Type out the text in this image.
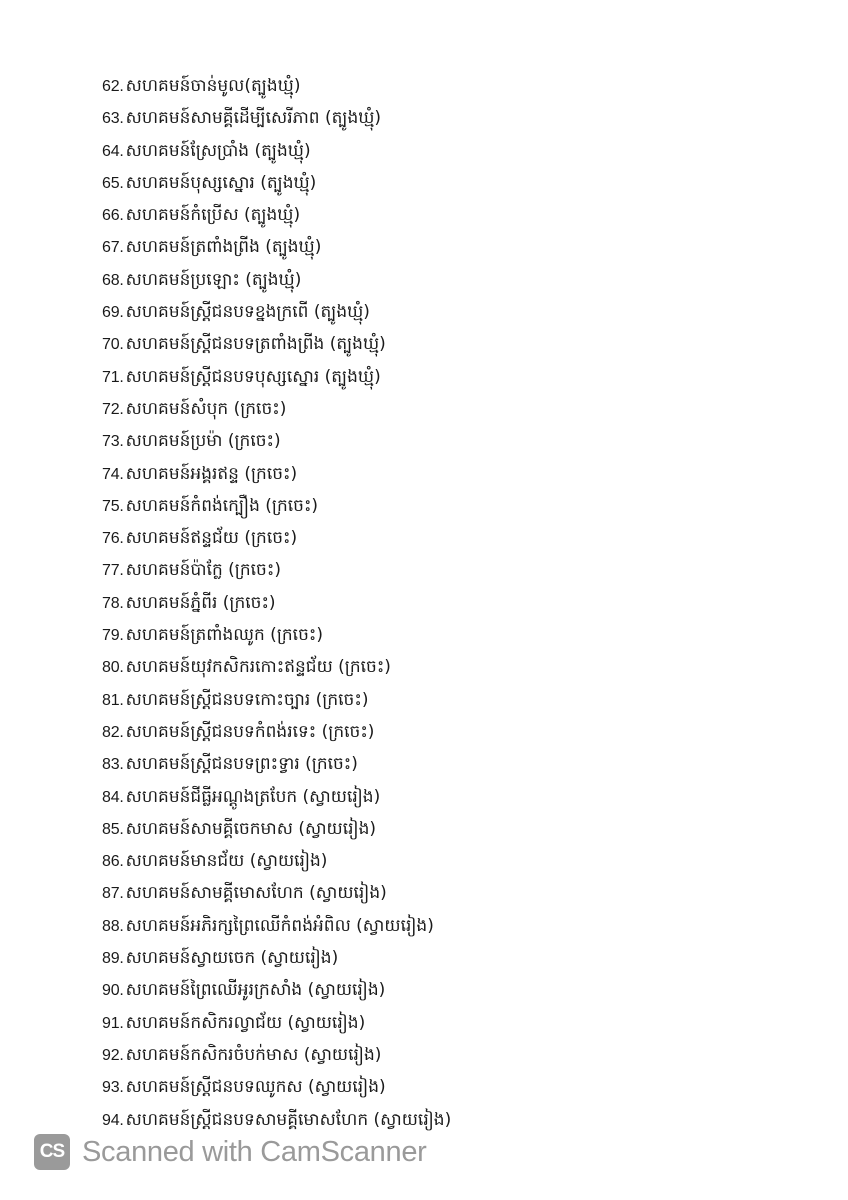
62. សហគមន៍ចាន់មូល(ត្បូងឃ្មុំ)
63. សហគមន៍សាមគ្គីដើម្បីសេរីភាព (ត្បូងឃ្មុំ)
64. សហគមន៍ស្រែប្រាំង (ត្បូងឃ្មុំ)
65. សហគមន៍បុស្សស្នោរ (ត្បូងឃ្មុំ)
66. សហគមន៍កំប្រើស (ត្បូងឃ្មុំ)
67. សហគមន៍ត្រពាំងព្រីង (ត្បូងឃ្មុំ)
68. សហគមន៍ប្រឡោះ (ត្បូងឃ្មុំ)
69. សហគមន៍ស្ត្រីជនបទខ្នងក្រពើ (ត្បូងឃ្មុំ)
70. សហគមន៍ស្ត្រីជនបទត្រពាំងព្រីង (ត្បូងឃ្មុំ)
71. សហគមន៍ស្ត្រីជនបទបុស្សស្នោរ (ត្បូងឃ្មុំ)
72. សហគមន៍សំបុក (ក្រចេះ)
73. សហគមន៍ប្រម៉ា (ក្រចេះ)
74. សហគមន៍អង្គរឥន្ទ (ក្រចេះ)
75. សហគមន៍កំពង់ក្បឿង (ក្រចេះ)
76. សហគមន៍ឥន្ទជ័យ (ក្រចេះ)
77. សហគមន៍ប៉ាក្លែ (ក្រចេះ)
78. សហគមន៍ភ្នំពីរ (ក្រចេះ)
79. សហគមន៍ត្រពាំងឈូក (ក្រចេះ)
80. សហគមន៍យុវកសិករកោះឥន្ទជ័យ (ក្រចេះ)
81. សហគមន៍ស្ត្រីជនបទកោះច្បារ (ក្រចេះ)
82. សហគមន៍ស្ត្រីជនបទកំពង់រទេះ (ក្រចេះ)
83. សហគមន៍ស្ត្រីជនបទព្រះទ្វារ (ក្រចេះ)
84. សហគមន៍ជីធ្លីអណ្តូងត្របែក (ស្វាយរៀង)
85. សហគមន៍សាមគ្គីចេកមាស (ស្វាយរៀង)
86. សហគមន៍មានជ័យ (ស្វាយរៀង)
87. សហគមន៍សាមគ្គីមោសហែក (ស្វាយរៀង)
88. សហគមន៍អភិរក្សព្រៃឈើកំពង់អំពិល (ស្វាយរៀង)
89. សហគមន៍ស្វាយចេក (ស្វាយរៀង)
90. សហគមន៍ព្រៃឈើអូរក្រសាំង (ស្វាយរៀង)
91. សហគមន៍កសិករល្វាជ័យ (ស្វាយរៀង)
92. សហគមន៍កសិករចំបក់មាស (ស្វាយរៀង)
93. សហគមន៍ស្ត្រីជនបទឈូកស (ស្វាយរៀង)
94. សហគមន៍ស្ត្រីជនបទសាមគ្គីមោសហែក (ស្វាយរៀង)
CS Scanned with CamScanner
